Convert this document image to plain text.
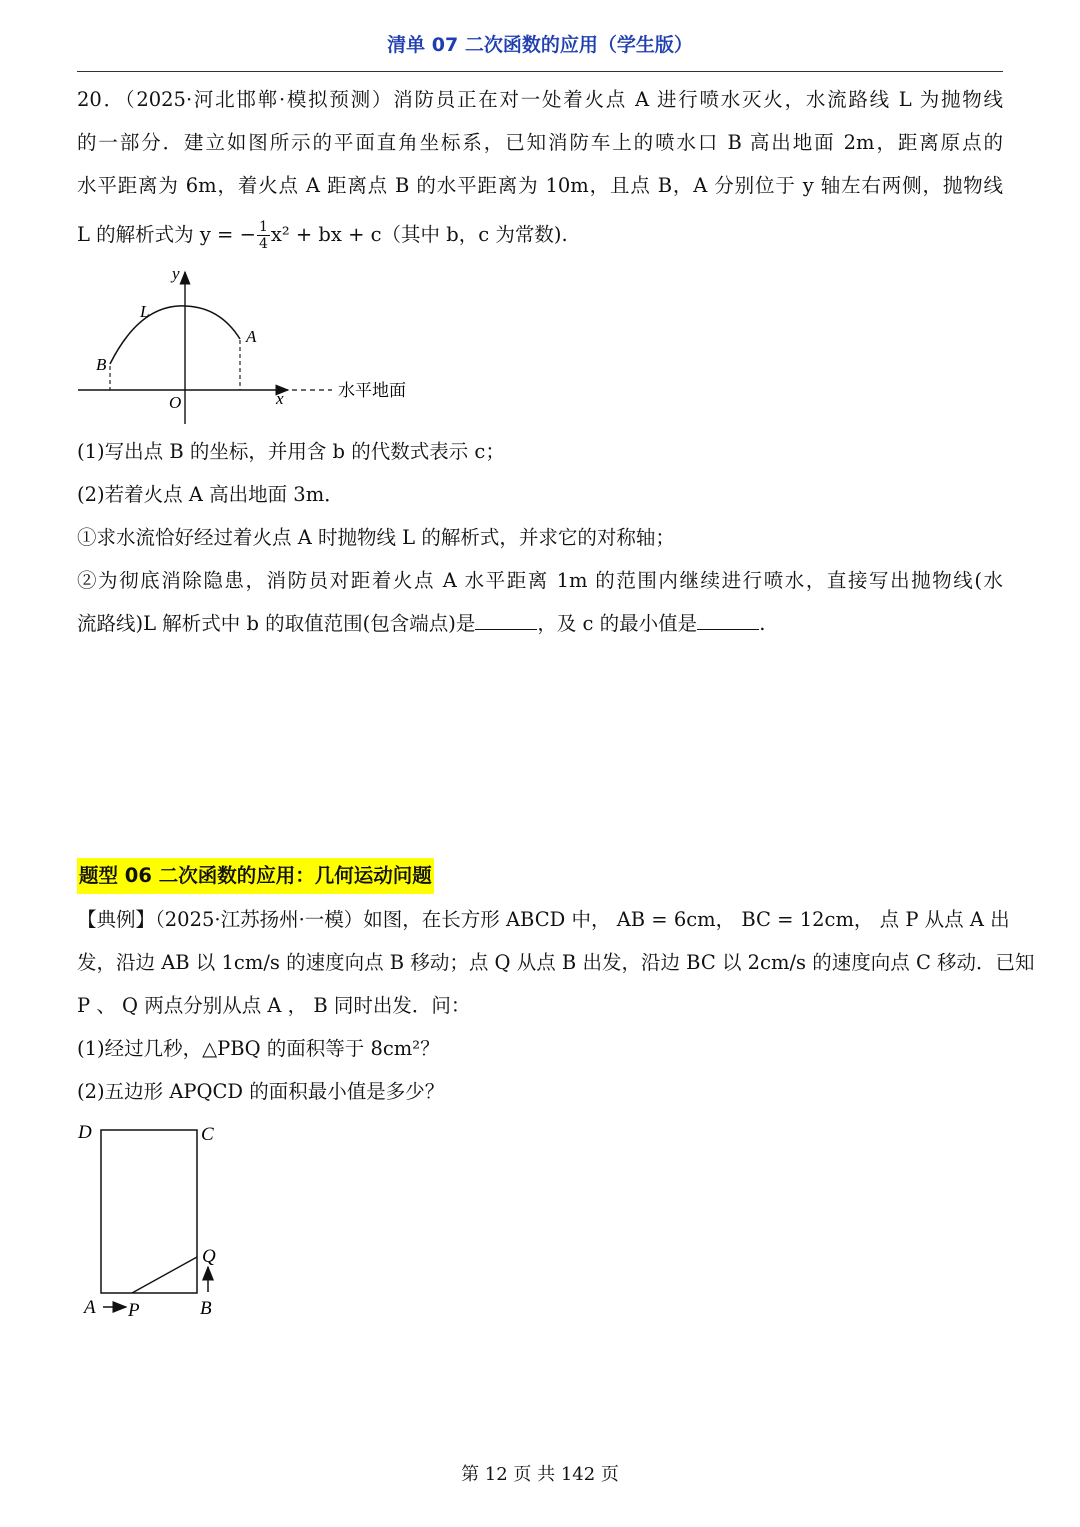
清单 07 二次函数的应用（学生版）
20．（2025·河北邯郸·模拟预测）消防员正在对一处着火点 A 进行喷水灭火，水流路线 L 为抛物线
的一部分．建立如图所示的平面直角坐标系，已知消防车上的喷水口 B 高出地面 2m，距离原点的
水平距离为 6m，着火点 A 距离点 B 的水平距离为 10m，且点 B，A 分别位于 y 轴左右两侧，抛物线
L 的解析式为 y = − $\frac{1}{4} x^2$ + bx + c（其中 b，c 为常数).
y
L
A
B
O	x	水平地面
(1)写出点 B 的坐标，并用含 b 的代数式表示 c；
(2)若着火点 A 高出地面 3m．
①求水流恰好经过着火点 A 时抛物线 L 的解析式，并求它的对称轴；
②为彻底消除隐患，消防员对距着火点 A 水平距离 1m 的范围内继续进行喷水，直接写出抛物线(水
流路线)L 解析式中 b 的取值范围(包含端点)是	，及 c 的最小值是	.
题型 06 二次函数的应用：几何运动问题
【典例】（2025·江苏扬州·一模）如图，在长方形 ABCD 中， AB = 6cm， BC = 12cm， 点 P 从点 A 出
发，沿边 AB 以 1cm/s 的速度向点 B 移动；点 Q 从点 B 出发，沿边 BC 以 2cm/s 的速度向点 C 移动．已知
P 、 Q 两点分别从点 A ， B 同时出发．问：
(1)经过几秒，△PBQ 的面积等于 8cm²？
(2)五边形 APQCD 的面积最小值是多少？
D	C
Q
A P	B
第 12 页 共 142 页
